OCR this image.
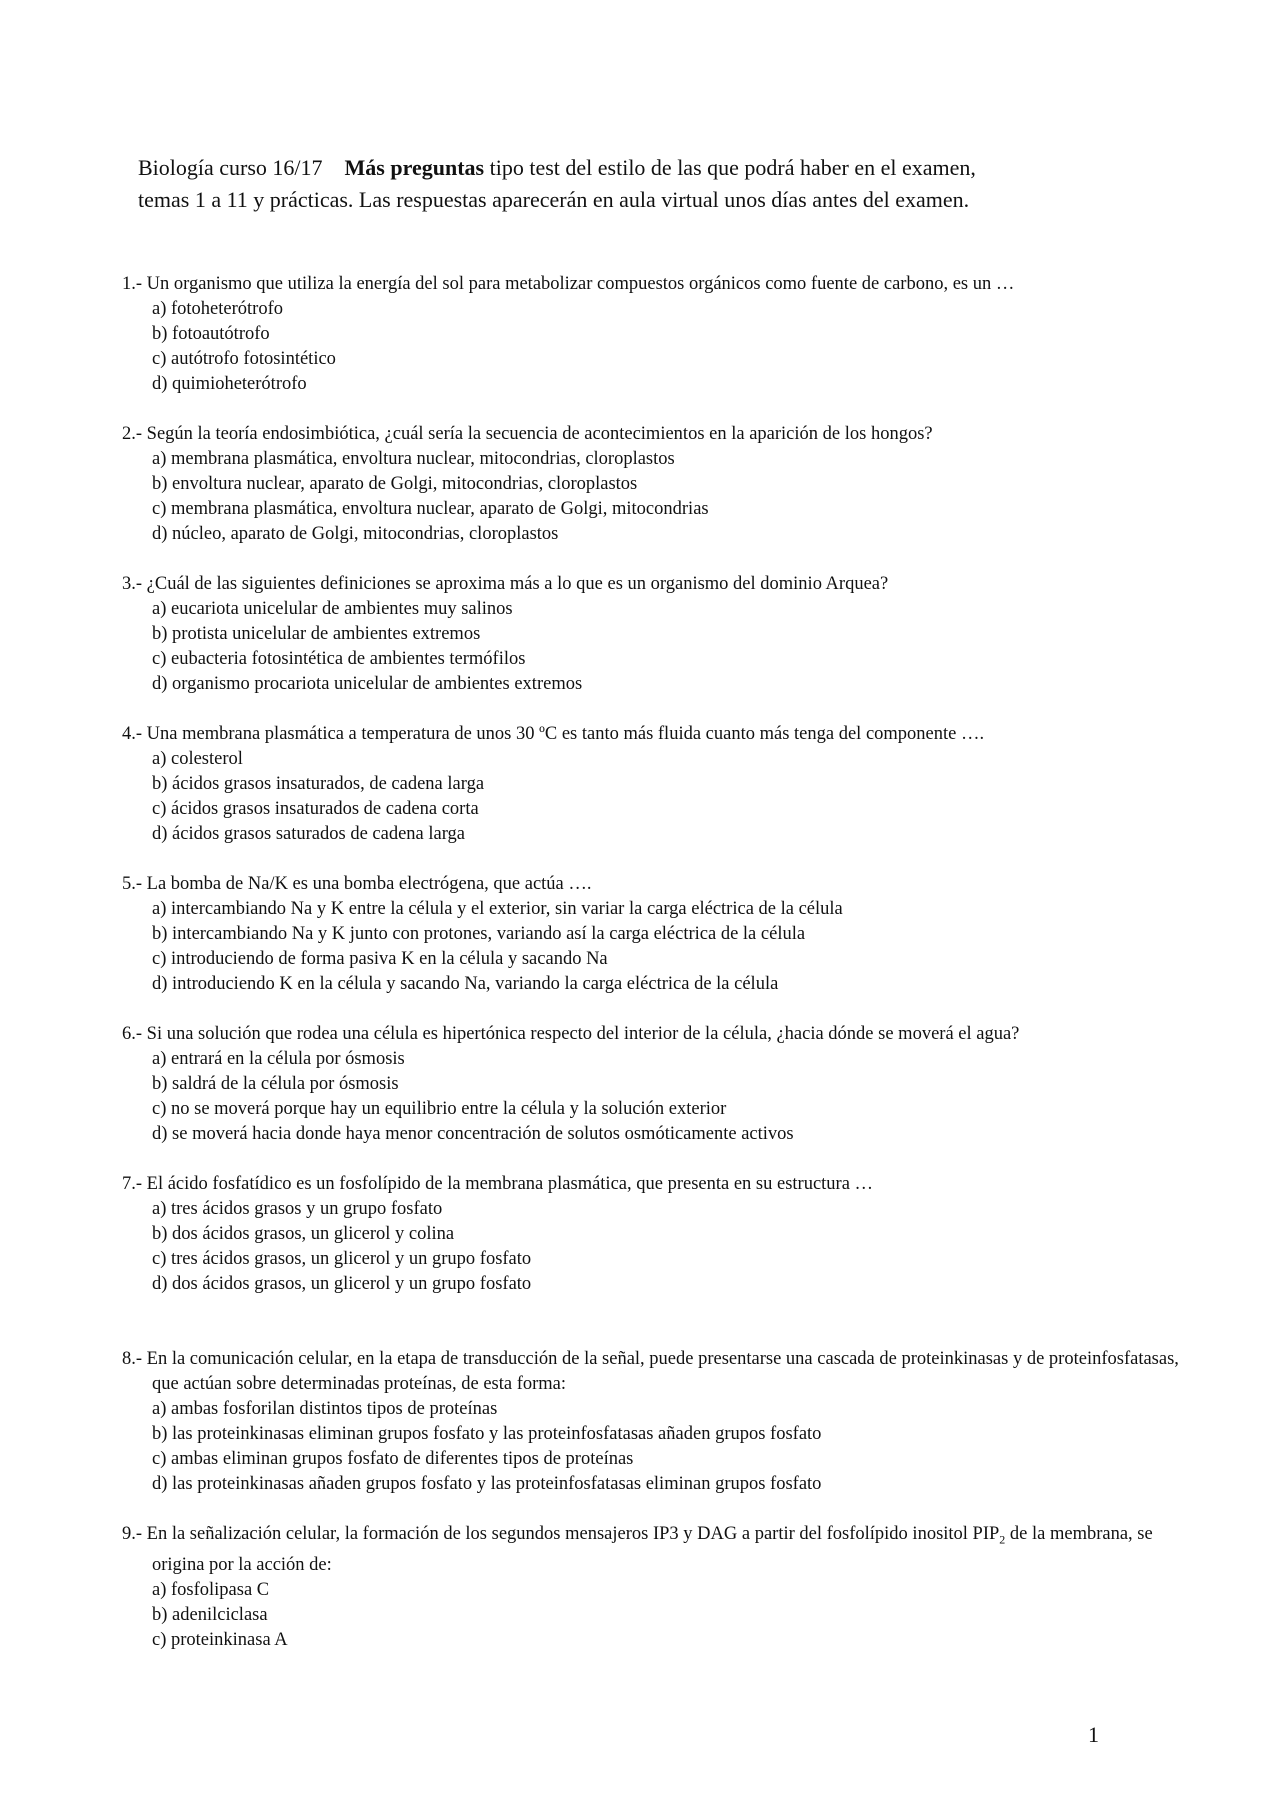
Biología curso 16/17 Más preguntas tipo test del estilo de las que podrá haber en el examen,
temas 1 a 11 y prácticas. Las respuestas aparecerán en aula virtual unos días antes del examen.
1.- Un organismo que utiliza la energía del sol para metabolizar compuestos orgánicos como fuente de carbono, es un …
a) fotoheterótrofo
b) fotoautótrofo
c) autótrofo fotosintético
d) quimioheterótrofo
2.- Según la teoría endosimbiótica, ¿cuál sería la secuencia de acontecimientos en la aparición de los hongos?
a) membrana plasmática, envoltura nuclear, mitocondrias, cloroplastos
b) envoltura nuclear, aparato de Golgi, mitocondrias, cloroplastos
c) membrana plasmática, envoltura nuclear, aparato de Golgi, mitocondrias
d) núcleo, aparato de Golgi, mitocondrias, cloroplastos
3.- ¿Cuál de las siguientes definiciones se aproxima más a lo que es un organismo del dominio Arquea?
a) eucariota unicelular de ambientes muy salinos
b) protista unicelular de ambientes extremos
c) eubacteria fotosintética de ambientes termófilos
d) organismo procariota unicelular de ambientes extremos
4.- Una membrana plasmática a temperatura de unos 30 ºC es tanto más fluida cuanto más tenga del componente ….
a) colesterol
b) ácidos grasos insaturados, de cadena larga
c) ácidos grasos insaturados de cadena corta
d) ácidos grasos saturados de cadena larga
5.- La bomba de Na/K es una bomba electrógena, que actúa ….
a) intercambiando Na y K entre la célula y el exterior, sin variar la carga eléctrica de la célula
b) intercambiando Na y K junto con protones, variando así la carga eléctrica de la célula
c) introduciendo de forma pasiva K en la célula y sacando Na
d) introduciendo K en la célula y sacando Na, variando la carga eléctrica de la célula
6.- Si una solución que rodea una célula es hipertónica respecto del interior de la célula, ¿hacia dónde se moverá el agua?
a) entrará en la célula por ósmosis
b) saldrá de la célula por ósmosis
c) no se moverá porque hay un equilibrio entre la célula y la solución exterior
d) se moverá hacia donde haya menor concentración de solutos osmóticamente activos
7.- El ácido fosfatídico es un fosfolípido de la membrana plasmática, que presenta en su estructura …
a) tres ácidos grasos y un grupo fosfato
b) dos ácidos grasos, un glicerol y colina
c) tres ácidos grasos, un glicerol y un grupo fosfato
d) dos ácidos grasos, un glicerol y un grupo fosfato
8.- En la comunicación celular, en la etapa de transducción de la señal, puede presentarse una cascada de proteinkinasas y de proteinfosfatasas, que actúan sobre determinadas proteínas, de esta forma:
a) ambas fosforilan distintos tipos de proteínas
b) las proteinkinasas eliminan grupos fosfato y las proteinfosfatasas añaden grupos fosfato
c) ambas eliminan grupos fosfato de diferentes tipos de proteínas
d) las proteinkinasas añaden grupos fosfato y las proteinfosfatasas eliminan grupos fosfato
9.- En la señalización celular, la formación de los segundos mensajeros IP3 y DAG a partir del fosfolípido inositol $PIP_2$ de la membrana, se origina por la acción de:
a) fosfolipasa C
b) adenilciclasa
c) proteinkinasa A
1
